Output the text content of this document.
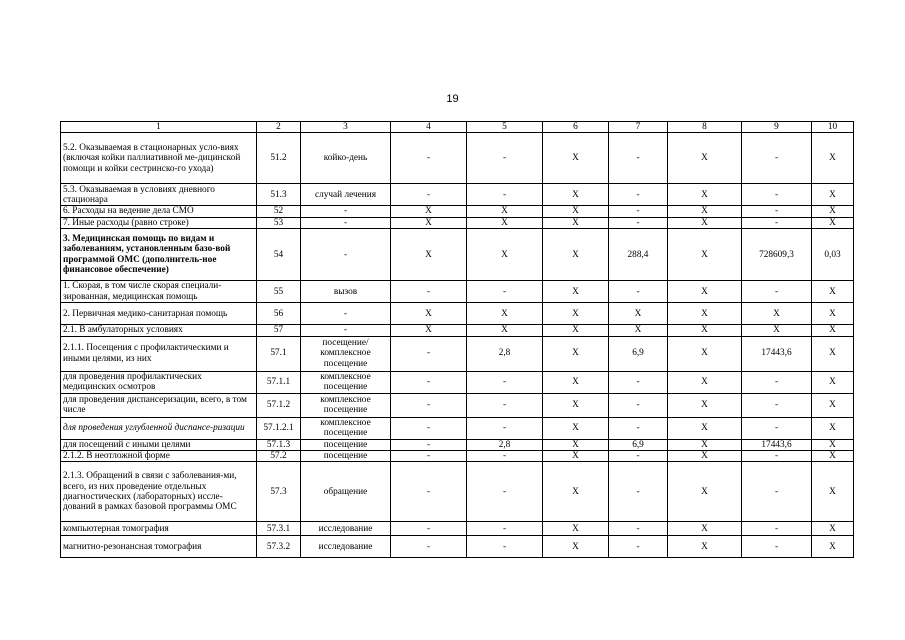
19
1	2	3	4	5	6	7	8	9	10
5.2. Оказываемая в стационарных усло-виях (включая койки паллиативной ме-дицинской помощи и койки сестринско-го ухода)	51.2	койко-день	-	-	X	-	X	-	X
5.3. Оказываемая в условиях дневного стационара	51.3	случай лечения	-	-	X	-	X	-	X
6. Расходы на ведение дела СМО	52	-	X	X	X	-	X	-	X
7. Иные расходы (равно строке)	53	-	X	X	X	-	X	-	X
3. Медицинская помощь по видам и заболеваниям, установленным базо-вой программой ОМС (дополнитель-ное финансовое обеспечение)	54	-	X	X	X	288,4	X	728609,3	0,03
1. Скорая, в том числе скорая специали-зированная, медицинская помощь	55	вызов	-	-	X	-	X	-	X
2. Первичная медико-санитарная помощь	56	-	X	X	X	X	X	X	X
2.1. В амбулаторных условиях	57	-	X	X	X	X	X	X	X
2.1.1. Посещения с профилактическими и иными целями, из них	57.1	посещение/ комплексное посещение	-	2,8	X	6,9	X	17443,6	X
для проведения профилактических медицинских осмотров	57.1.1	комплексное посещение	-	-	X	-	X	-	X
для проведения диспансеризации, всего, в том числе	57.1.2	комплексное посещение	-	-	X	-	X	-	X
для проведения углубленной диспансе-ризации	57.1.2.1	комплексное посещение	-	-	X	-	X	-	X
для посещений с иными целями	57.1.3	посещение	-	2,8	X	6,9	X	17443,6	X
2.1.2. В неотложной форме	57.2	посещение	-	-	X	-	X	-	X
2.1.3. Обращений в связи с заболевания-ми, всего, из них проведение отдельных диагностических (лабораторных) иссле-дований в рамках базовой программы ОМС	57.3	обращение	-	-	X	-	X	-	X
компьютерная томография	57.3.1	исследование	-	-	X	-	X	-	X
магнитно-резонансная томография	57.3.2	исследование	-	-	X	-	X	-	X
